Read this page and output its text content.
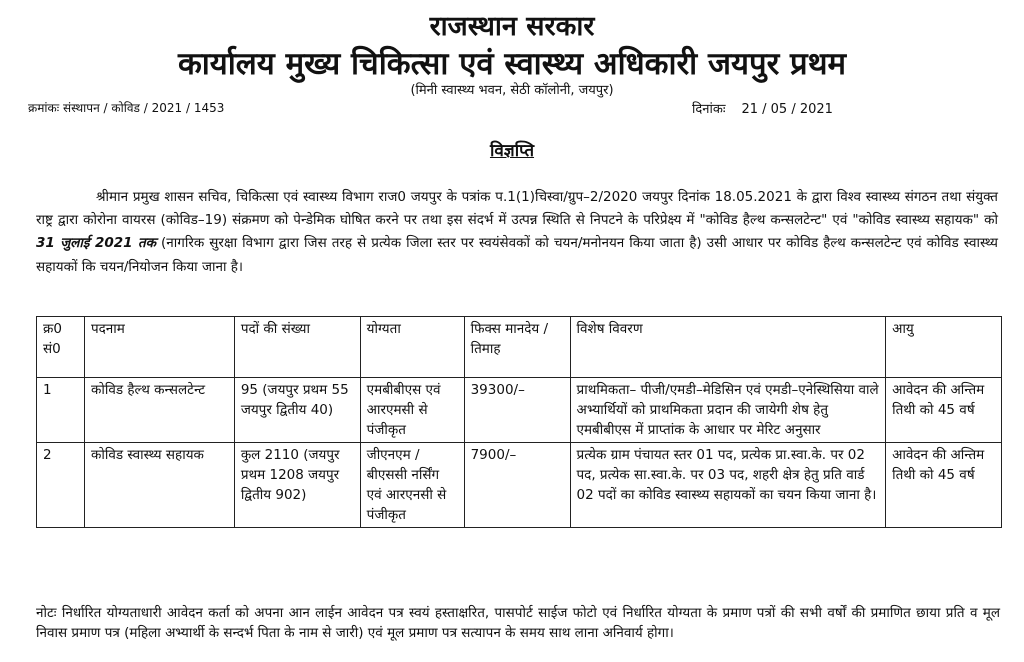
राजस्थान सरकार
कार्यालय मुख्य चिकित्सा एवं स्वास्थ्य अधिकारी जयपुर प्रथम
(मिनी स्वास्थ्य भवन, सेठी कॉलोनी, जयपुर)
क्रमांकः संस्थापन / कोविड / 2021 / 1453	दिनांकः 21 / 05 / 2021
विज्ञप्ति

श्रीमान प्रमुख शासन सचिव, चिकित्सा एवं स्वास्थ्य विभाग राज0 जयपुर के पत्रांक प.1(1)चिस्वा/ग्रुप–2/2020 जयपुर दिनांक 18.05.2021 के द्वारा विश्व स्वास्थ्य संगठन तथा संयुक्त राष्ट्र द्वारा कोरोना वायरस (कोविड–19) संक्रमण को पेन्डेमिक घोषित करने पर तथा इस संदर्भ में उत्पन्न स्थिति से निपटने के परिप्रेक्ष्य में "कोविड हैल्थ कन्सलटेन्ट" एवं "कोविड स्वास्थ्य सहायक" को 31 जुलाई 2021 तक (नागरिक सुरक्षा विभाग द्वारा जिस तरह से प्रत्येक जिला स्तर पर स्वयंसेवकों को चयन/मनोनयन किया जाता है) उसी आधार पर कोविड हैल्थ कन्सलटेन्ट एवं कोविड स्वास्थ्य सहायकों कि चयन/नियोजन किया जाना है।

क्र0 सं0	पदनाम	पदों की संख्या	योग्यता	फिक्स मानदेय /तिमाह	विशेष विवरण	आयु
1	कोविड हैल्थ कन्सलटेन्ट	95 (जयपुर प्रथम 55 जयपुर द्वितीय 40)	एमबीबीएस एवं आरएमसी से पंजीकृत	39300/–	प्राथमिकता– पीजी/एमडी–मेडिसिन एवं एमडी–एनेस्थिसिया वाले अभ्यार्थियों को प्राथमिकता प्रदान की जायेगी शेष हेतु एमबीबीएस में प्राप्तांक के आधार पर मेरिट अनुसार	आवेदन की अन्तिम तिथी को 45 वर्ष
2	कोविड स्वास्थ्य सहायक	कुल 2110 (जयपुर प्रथम 1208 जयपुर द्वितीय 902)	जीएनएम /बीएससी नर्सिंग एवं आरएनसी से पंजीकृत	7900/–	प्रत्येक ग्राम पंचायत स्तर 01 पद, प्रत्येक प्रा.स्वा.के. पर 02 पद, प्रत्येक सा.स्वा.के. पर 03 पद, शहरी क्षेत्र हेतु प्रति वार्ड 02 पदों का कोविड स्वास्थ्य सहायकों का चयन किया जाना है।	आवेदन की अन्तिम तिथी को 45 वर्ष

नोटः निर्धारित योग्यताधारी आवेदन कर्ता को अपना आन लाईन आवेदन पत्र स्वयं हस्ताक्षरित, पासपोर्ट साईज फोटो एवं निर्धारित योग्यता के प्रमाण पत्रों की सभी वर्षों की प्रमाणित छाया प्रति व मूल निवास प्रमाण पत्र (महिला अभ्यार्थी के सन्दर्भ पिता के नाम से जारी) एवं मूल प्रमाण पत्र सत्यापन के समय साथ लाना अनिवार्य होगा।
